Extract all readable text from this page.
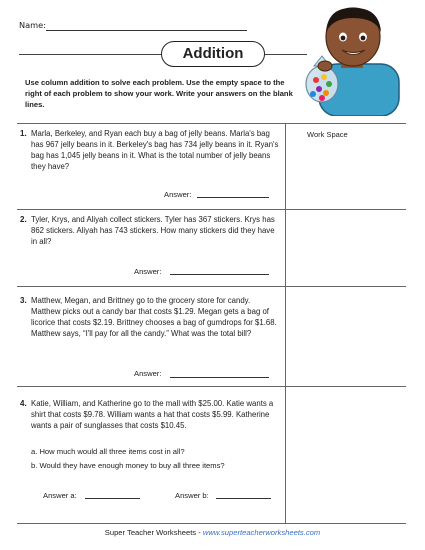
Name:
Addition
Use column addition to solve each problem. Use the empty space to the right of each problem to show your work. Write your answers on the blank lines.
Work Space
1. Marla, Berkeley, and Ryan each buy a bag of jelly beans. Marla's bag has 967 jelly beans in it. Berkeley's bag has 734 jelly beans in it. Ryan's bag has 1,045 jelly beans in it. What is the total number of jelly beans they have?
Answer:
2. Tyler, Krys, and Aliyah collect stickers. Tyler has 367 stickers. Krys has 862 stickers. Aliyah has 743 stickers. How many stickers did they have in all?
Answer:
3. Matthew, Megan, and Brittney go to the grocery store for candy. Matthew picks out a candy bar that costs $1.29. Megan gets a bag of licorice that costs $2.19. Brittney chooses a bag of gumdrops for $1.68. Matthew says, “I'll pay for all the candy.” What was the total bill?
Answer:
4. Katie, William, and Katherine go to the mall with $25.00. Katie wants a shirt that costs $9.78. William wants a hat that costs $5.99. Katherine wants a pair of sunglasses that costs $10.45.
a. How much would all three items cost in all?
b. Would they have enough money to buy all three items?
Answer a:	Answer b:
Super Teacher Worksheets - www.superteacherworksheets.com
